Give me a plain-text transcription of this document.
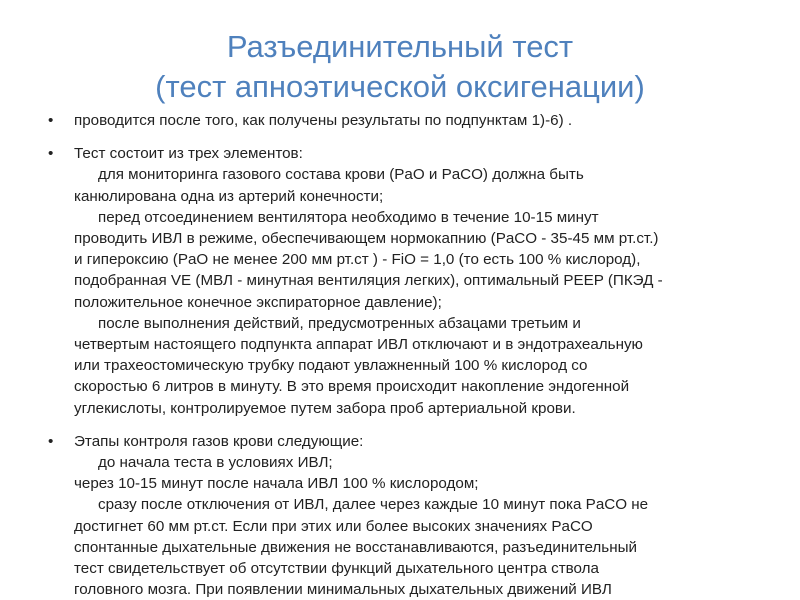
Разъединительный тест
(тест апноэтической оксигенации)
•	проводится после того, как получены результаты по подпунктам 1)-6) .
•	Тест состоит из трех элементов:
для мониторинга газового состава крови (PaO и PaCO) должна быть
канюлирована одна из артерий конечности;
перед отсоединением вентилятора необходимо в течение 10-15 минут
проводить ИВЛ в режиме, обеспечивающем нормокапнию (PaCO - 35-45 мм рт.ст.)
и гипероксию (PaO не менее 200 мм рт.ст ) - FiO = 1,0 (то есть 100 % кислород),
подобранная VE (МВЛ - минутная вентиляция легких), оптимальный PEEP (ПКЭД -
положительное конечное экспираторное давление);
после выполнения действий, предусмотренных абзацами третьим и
четвертым настоящего подпункта аппарат ИВЛ отключают и в эндотрахеальную
или трахеостомическую трубку подают увлажненный 100 % кислород со
скоростью 6 литров в минуту. В это время происходит накопление эндогенной
углекислоты, контролируемое путем забора проб артериальной крови.
•	Этапы контроля газов крови следующие:
до начала теста в условиях ИВЛ;
через 10-15 минут после начала ИВЛ 100 % кислородом;
сразу после отключения от ИВЛ, далее через каждые 10 минут пока PaCO не
достигнет 60 мм рт.ст. Если при этих или более высоких значениях PaCO
спонтанные дыхательные движения не восстанавливаются, разъединительный
тест свидетельствует об отсутствии функций дыхательного центра ствола
головного мозга. При появлении минимальных дыхательных движений ИВЛ
